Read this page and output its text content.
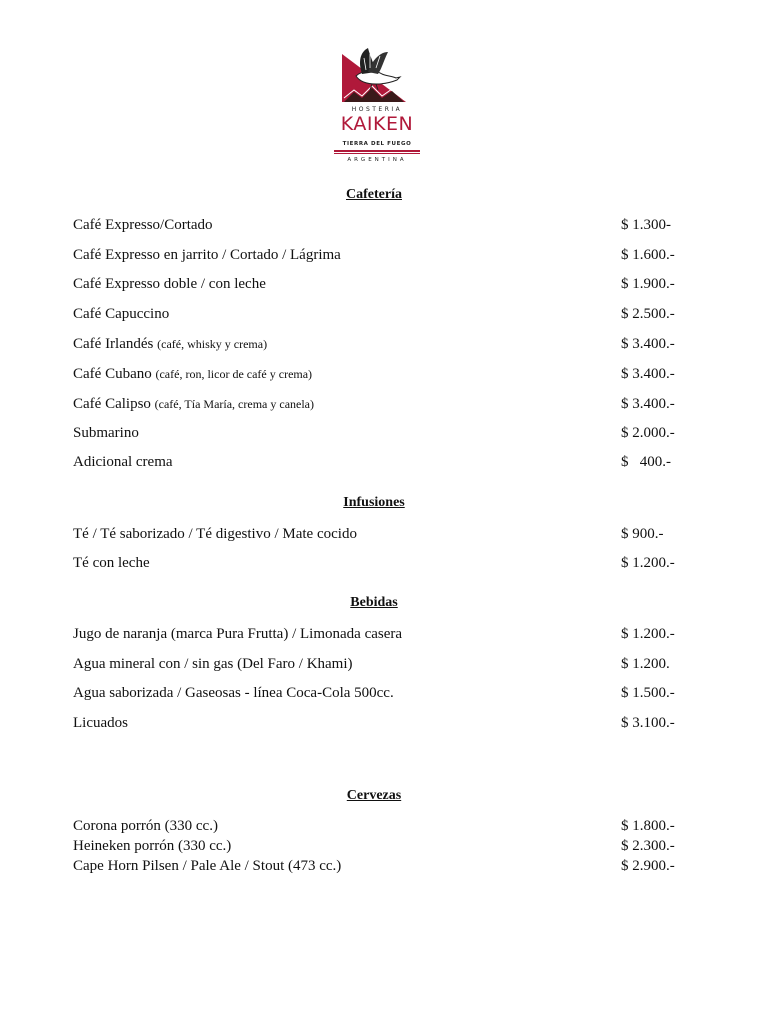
HOSTERIA
KAIKEN
TIERRA DEL FUEGO
ARGENTINA
Cafetería
Café Expresso/Cortado	$ 1.300-
Café Expresso en jarrito / Cortado / Lágrima	$ 1.600.-
Café Expresso doble / con leche	$ 1.900.-
Café Capuccino	$ 2.500.-
Café Irlandés (café, whisky y crema)	$ 3.400.-
Café Cubano (café, ron, licor de café y crema)	$ 3.400.-
Café Calipso (café, Tía María, crema y canela)	$ 3.400.-
Submarino	$ 2.000.-
Adicional crema	$   400.-
Infusiones
Té / Té saborizado / Té digestivo / Mate cocido	$ 900.-
Té con leche	$ 1.200.-
Bebidas
Jugo de naranja (marca Pura Frutta) / Limonada casera	$ 1.200.-
Agua mineral con / sin gas (Del Faro / Khami)	$ 1.200.
Agua saborizada / Gaseosas - línea Coca-Cola 500cc.	$ 1.500.-
Licuados	$ 3.100.-
Cervezas
Corona porrón (330 cc.)	$ 1.800.-
Heineken porrón (330 cc.)	$ 2.300.-
Cape Horn Pilsen / Pale Ale / Stout (473 cc.)	$ 2.900.-
